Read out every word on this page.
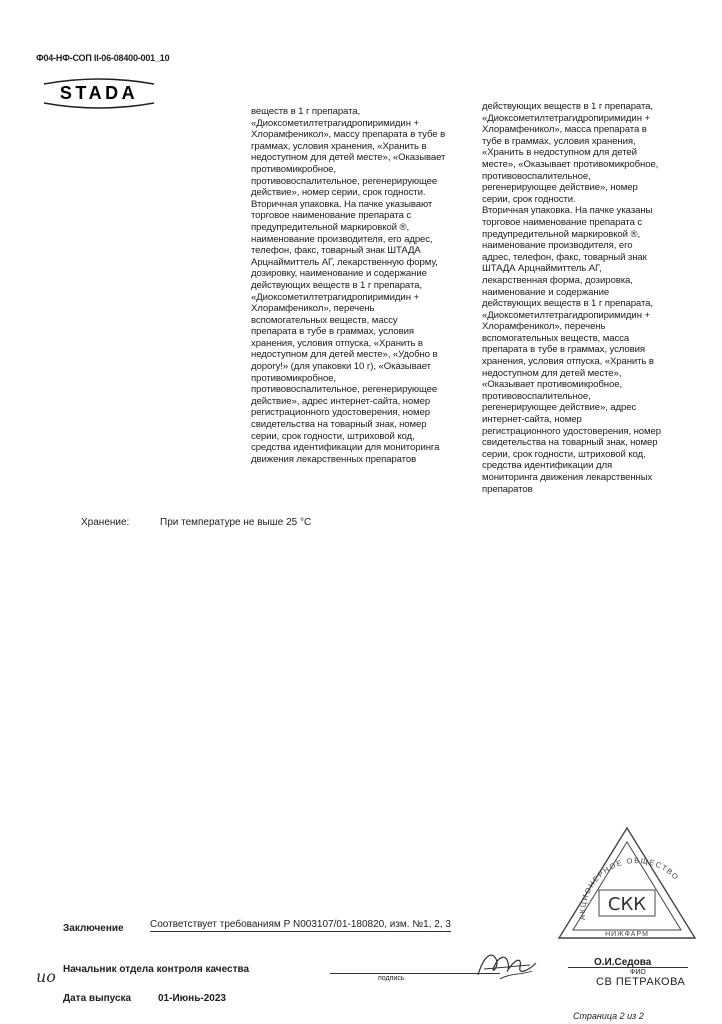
Ф04-НФ-СОП II-06-08400-001_10
STADA
веществ в 1 г препарата,
«Диоксометилтетрагидропиримидин +
Хлорамфеникол», массу препарата в тубе в
граммах, условия хранения, «Хранить в
недоступном для детей месте», «Оказывает
противомикробное,
противовоспалительное, регенерирующее
действие», номер серии, срок годности.
Вторичная упаковка. На пачке указывают
торговое наименование препарата с
предупредительной маркировкой ®,
наименование производителя, его адрес,
телефон, факс, товарный знак ШТАДА
Арцнаймиттель АГ, лекарственную форму,
дозировку, наименование и содержание
действующих веществ в 1 г препарата,
«Диоксометилтетрагидропиримидин +
Хлорамфеникол», перечень
вспомогательных веществ, массу
препарата в тубе в граммах, условия
хранения, условия отпуска, «Хранить в
недоступном для детей месте», «Удобно в
дорогу!» (для упаковки 10 г), «Оказывает
противомикробное,
противовоспалительное, регенерирующее
действие», адрес интернет-сайта, номер
регистрационного удостоверения, номер
свидетельства на товарный знак, номер
серии, срок годности, штриховой код,
средства идентификации для мониторинга
движения лекарственных препаратов
действующих веществ в 1 г препарата,
«Диоксометилтетрагидропиримидин +
Хлорамфеникол», масса препарата в
тубе в граммах, условия хранения,
«Хранить в недоступном для детей
месте», «Оказывает противомикробное,
противовоспалительное,
регенерирующее действие», номер
серии, срок годности.
Вторичная упаковка. На пачке указаны
торговое наименование препарата с
предупредительной маркировкой ®,
наименование производителя, его
адрес, телефон, факс, товарный знак
ШТАДА Арцнаймиттель АГ,
лекарственная форма, дозировка,
наименование и содержание
действующих веществ в 1 г препарата,
«Диоксометилтетрагидропиримидин +
Хлорамфеникол», перечень
вспомогательных веществ, масса
препарата в тубе в граммах, условия
хранения, условия отпуска, «Хранить в
недоступном для детей месте»,
«Оказывает противомикробное,
противовоспалительное,
регенерирующее действие», адрес
интернет-сайта, номер
регистрационного удостоверения, номер
свидетельства на товарный знак, номер
серии, срок годности, штриховой код,
средства идентификации для
мониторинга движения лекарственных
препаратов
Хранение:	При температуре не выше 25 °С
Заключение	Соответствует требованиям Р N003107/01-180820, изм. №1, 2, 3
ио Начальник отдела контроля качества
подпись
О.И.Седова
ФИО
СВ ПЕТРАКОВА
АКЦИОНЕРНОЕ ОБЩЕСТВО
СКК
НИЖФАРМ
Дата выпуска	01-Июнь-2023
Страница 2 из 2
